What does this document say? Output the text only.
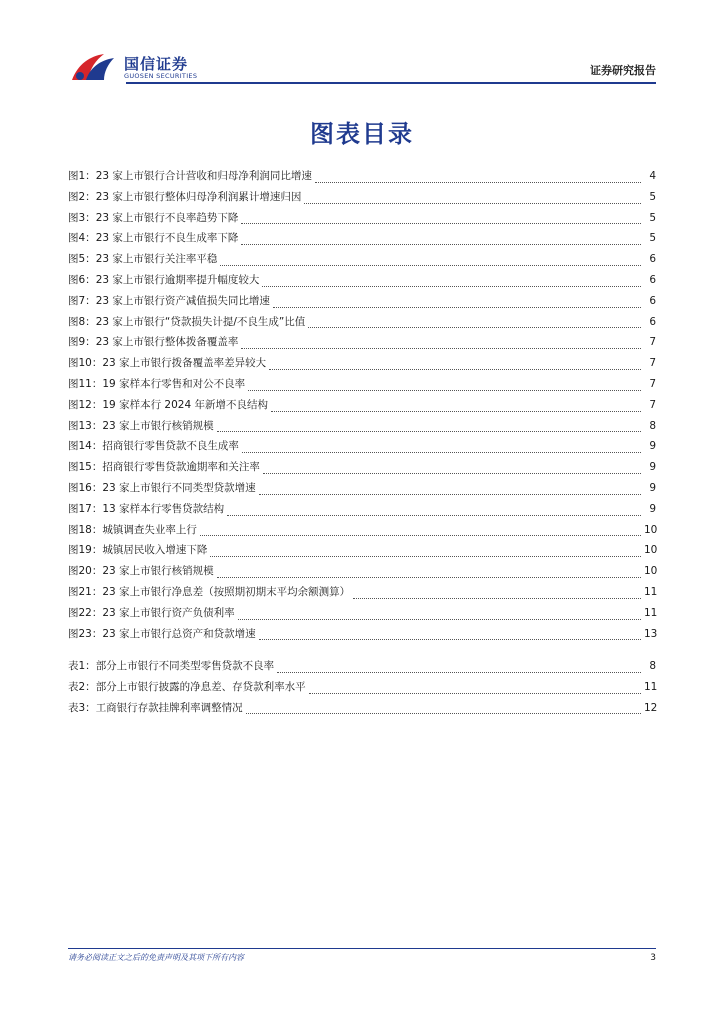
国信证券
GUOSEN SECURITIES	证券研究报告
图表目录
图1： 23 家上市银行合计营收和归母净利润同比增速	4
图2： 23 家上市银行整体归母净利润累计增速归因	5
图3： 23 家上市银行不良率趋势下降	5
图4： 23 家上市银行不良生成率下降	5
图5： 23 家上市银行关注率平稳	6
图6： 23 家上市银行逾期率提升幅度较大	6
图7： 23 家上市银行资产减值损失同比增速	6
图8： 23 家上市银行“贷款损失计提/不良生成”比值	6
图9： 23 家上市银行整体拨备覆盖率	7
图10： 23 家上市银行拨备覆盖率差异较大	7
图11： 19 家样本行零售和对公不良率	7
图12： 19 家样本行 2024 年新增不良结构	7
图13： 23 家上市银行核销规模	8
图14： 招商银行零售贷款不良生成率	9
图15： 招商银行零售贷款逾期率和关注率	9
图16： 23 家上市银行不同类型贷款增速	9
图17： 13 家样本行零售贷款结构	9
图18： 城镇调查失业率上行	10
图19： 城镇居民收入增速下降	10
图20： 23 家上市银行核销规模	10
图21： 23 家上市银行净息差（按照期初期末平均余额测算）	11
图22： 23 家上市银行资产负债利率	11
图23： 23 家上市银行总资产和贷款增速	13
表1： 部分上市银行不同类型零售贷款不良率	8
表2： 部分上市银行披露的净息差、存贷款利率水平	11
表3： 工商银行存款挂牌利率调整情况	12
请务必阅读正文之后的免责声明及其项下所有内容	3
